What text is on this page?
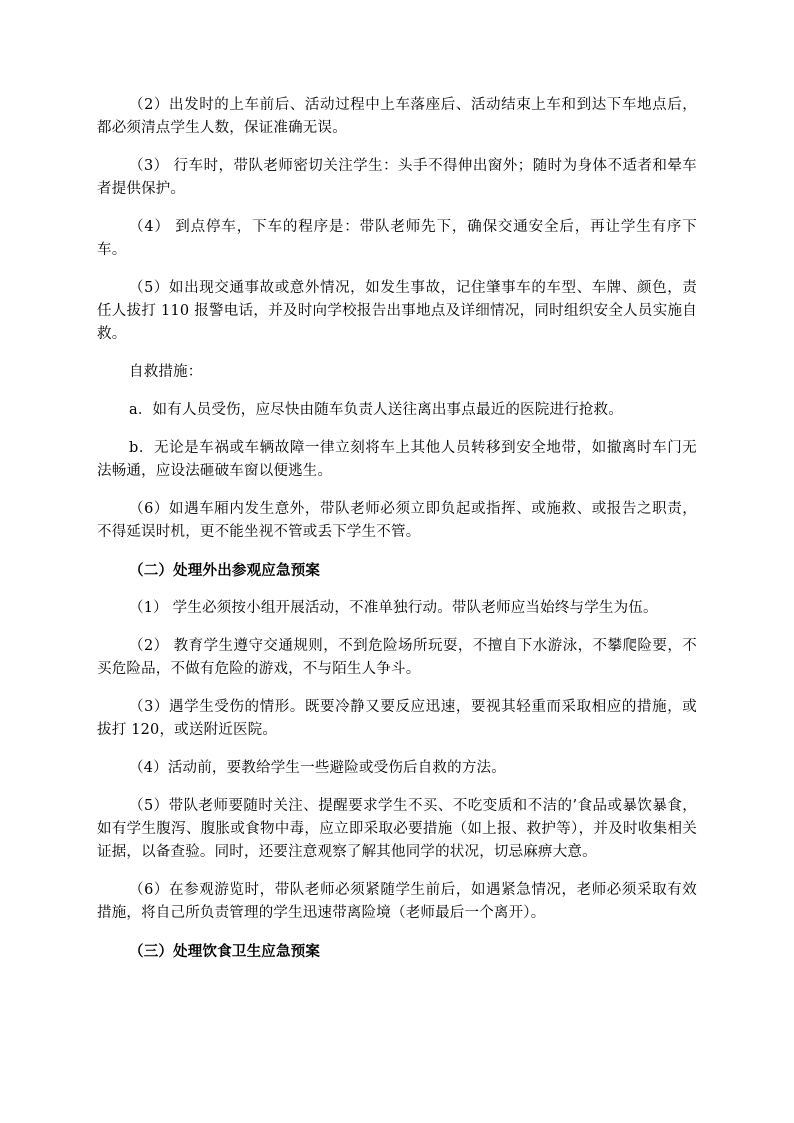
（2）出发时的上车前后、活动过程中上车落座后、活动结束上车和到达下车地点后，都必须清点学生人数，保证准确无误。

（3） 行车时，带队老师密切关注学生：头手不得伸出窗外；随时为身体不适者和晕车者提供保护。

（4） 到点停车，下车的程序是：带队老师先下，确保交通安全后，再让学生有序下车。

（5）如出现交通事故或意外情况，如发生事故，记住肇事车的车型、车牌、颜色，责任人拔打 110 报警电话，并及时向学校报告出事地点及详细情况，同时组织安全人员实施自救。

自救措施：

a．如有人员受伤，应尽快由随车负责人送往离出事点最近的医院进行抢救。

b．无论是车祸或车辆故障一律立刻将车上其他人员转移到安全地带，如撤离时车门无法畅通，应设法砸破车窗以便逃生。

（6）如遇车厢内发生意外，带队老师必须立即负起或指挥、或施救、或报告之职责，不得延误时机，更不能坐视不管或丢下学生不管。

（二）处理外出参观应急预案

（1） 学生必须按小组开展活动，不准单独行动。带队老师应当始终与学生为伍。

（2） 教育学生遵守交通规则，不到危险场所玩耍，不擅自下水游泳，不攀爬险要，不买危险品，不做有危险的游戏，不与陌生人争斗。

（3）遇学生受伤的情形。既要冷静又要反应迅速，要视其轻重而采取相应的措施，或拔打 120，或送附近医院。

（4）活动前，要教给学生一些避险或受伤后自救的方法。

（5）带队老师要随时关注、提醒要求学生不买、不吃变质和不洁的’食品或暴饮暴食，如有学生腹泻、腹胀或食物中毒，应立即采取必要措施（如上报、救护等），并及时收集相关证据，以备查验。同时，还要注意观察了解其他同学的状况，切忌麻痹大意。

（6）在参观游览时，带队老师必须紧随学生前后，如遇紧急情况，老师必须采取有效措施，将自己所负责管理的学生迅速带离险境（老师最后一个离开）。

（三）处理饮食卫生应急预案
